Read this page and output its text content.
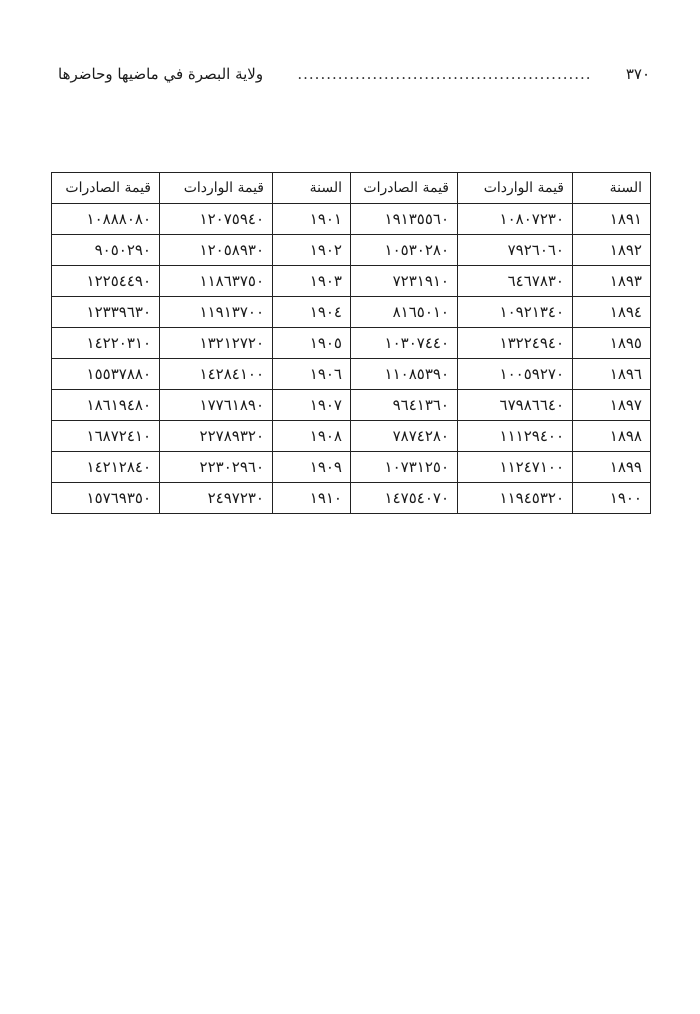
٣٧٠
...................................................
ولاية البصرة في ماضيها وحاضرها
السنة	قيمة الواردات	قيمة الصادرات	السنة	قيمة الواردات	قيمة الصادرات
١٨٩١	١٠٨٠٧٢٣٠	١٩١٣٥٥٦٠	١٩٠١	١٢٠٧٥٩٤٠	١٠٨٨٨٠٨٠
١٨٩٢	٧٩٢٦٠٦٠	١٠٥٣٠٢٨٠	١٩٠٢	١٢٠٥٨٩٣٠	٩٠٥٠٢٩٠
١٨٩٣	٦٤٦٧٨٣٠	٧٢٣١٩١٠	١٩٠٣	١١٨٦٣٧٥٠	١٢٢٥٤٤٩٠
١٨٩٤	١٠٩٢١٣٤٠	٨١٦٥٠١٠	١٩٠٤	١١٩١٣٧٠٠	١٢٣٣٩٦٣٠
١٨٩٥	١٣٢٢٤٩٤٠	١٠٣٠٧٤٤٠	١٩٠٥	١٣٢١٢٧٢٠	١٤٢٢٠٣١٠
١٨٩٦	١٠٠٥٩٢٧٠	١١٠٨٥٣٩٠	١٩٠٦	١٤٢٨٤١٠٠	١٥٥٣٧٨٨٠
١٨٩٧	٦٧٩٨٦٦٤٠	٩٦٤١٣٦٠	١٩٠٧	١٧٧٦١٨٩٠	١٨٦١٩٤٨٠
١٨٩٨	١١١٢٩٤٠٠	٧٨٧٤٢٨٠	١٩٠٨	٢٢٧٨٩٣٢٠	١٦٨٧٢٤١٠
١٨٩٩	١١٢٤٧١٠٠	١٠٧٣١٢٥٠	١٩٠٩	٢٢٣٠٢٩٦٠	١٤٢١٢٨٤٠
١٩٠٠	١١٩٤٥٣٢٠	١٤٧٥٤٠٧٠	١٩١٠	٢٤٩٧٢٣٠	١٥٧٦٩٣٥٠
